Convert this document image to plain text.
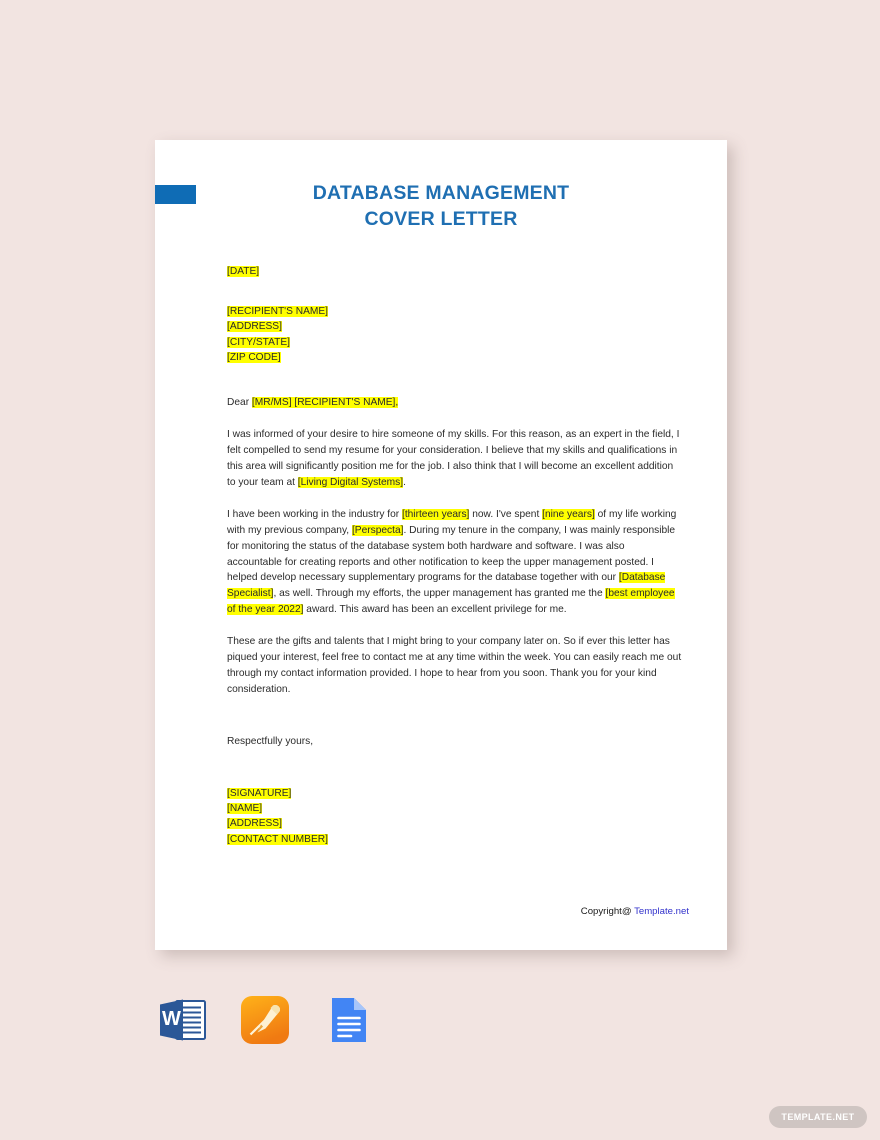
DATABASE MANAGEMENT
COVER LETTER
[DATE]
[RECIPIENT'S NAME]
[ADDRESS]
[CITY/STATE]
[ZIP CODE]
Dear [MR/MS] [RECIPIENT'S NAME],

I was informed of your desire to hire someone of my skills. For this reason, as an expert in the field, I felt compelled to send my resume for your consideration. I believe that my skills and qualifications in this area will significantly position me for the job. I also think that I will become an excellent addition to your team at [Living Digital Systems].

I have been working in the industry for [thirteen years] now. I've spent [nine years] of my life working with my previous company, [Perspecta]. During my tenure in the company, I was mainly responsible for monitoring the status of the database system both hardware and software. I was also accountable for creating reports and other notification to keep the upper management posted. I helped develop necessary supplementary programs for the database together with our [Database Specialist], as well. Through my efforts, the upper management has granted me the [best employee of the year 2022] award. This award has been an excellent privilege for me.

These are the gifts and talents that I might bring to your company later on. So if ever this letter has piqued your interest, feel free to contact me at any time within the week. You can easily reach me out through my contact information provided. I hope to hear from you soon. Thank you for your kind consideration.

Respectfully yours,
[SIGNATURE]
[NAME]
[ADDRESS]
[CONTACT NUMBER]
Copyright@ Template.net
W
TEMPLATE.NET
